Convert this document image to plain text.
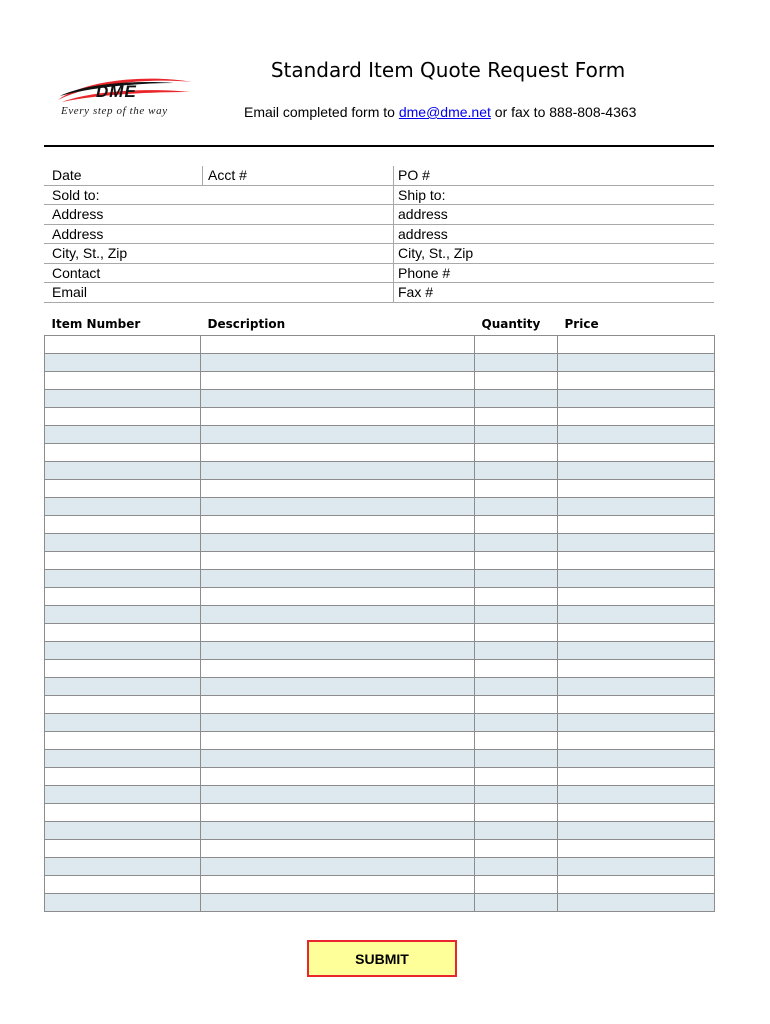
DME
Every step of the way
Standard Item Quote Request Form
Email completed form to dme@dme.net or fax to 888-808-4363
Date	Acct #	PO #
Sold to:	Ship to:
Address	address
Address	address
City, St., Zip	City, St., Zip
Contact	Phone #
Email	Fax #
Item Number	Description	Quantity	Price

SUBMIT
